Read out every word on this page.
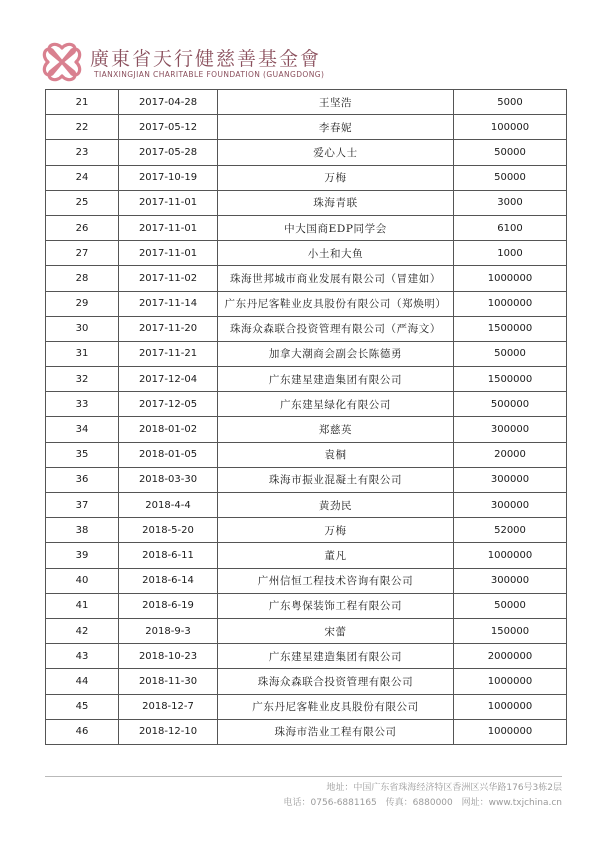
廣東省天行健慈善基金會
TIANXINGJIAN CHARITABLE FOUNDATION (GUANGDONG)
21	2017-04-28	王坚浩	5000
22	2017-05-12	李春妮	100000
23	2017-05-28	爱心人士	50000
24	2017-10-19	万梅	50000
25	2017-11-01	珠海青联	3000
26	2017-11-01	中大国商EDP同学会	6100
27	2017-11-01	小土和大鱼	1000
28	2017-11-02	珠海世邦城市商业发展有限公司（冒建如）	1000000
29	2017-11-14	广东丹尼客鞋业皮具股份有限公司（郑焕明）	1000000
30	2017-11-20	珠海众森联合投资管理有限公司（严海文）	1500000
31	2017-11-21	加拿大潮商会副会长陈德勇	50000
32	2017-12-04	广东建星建造集团有限公司	1500000
33	2017-12-05	广东建星绿化有限公司	500000
34	2018-01-02	郑慈英	300000
35	2018-01-05	袁桐	20000
36	2018-03-30	珠海市振业混凝土有限公司	300000
37	2018-4-4	黄劲民	300000
38	2018-5-20	万梅	52000
39	2018-6-11	董凡	1000000
40	2018-6-14	广州信恒工程技术咨询有限公司	300000
41	2018-6-19	广东粤保装饰工程有限公司	50000
42	2018-9-3	宋蕾	150000
43	2018-10-23	广东建星建造集团有限公司	2000000
44	2018-11-30	珠海众森联合投资管理有限公司	1000000
45	2018-12-7	广东丹尼客鞋业皮具股份有限公司	1000000
46	2018-12-10	珠海市浩业工程有限公司	1000000
地址：中国广东省珠海经济特区香洲区兴华路176号3栋2层
电话：0756-6881165 传真：6880000 网址：www.txjchina.cn
